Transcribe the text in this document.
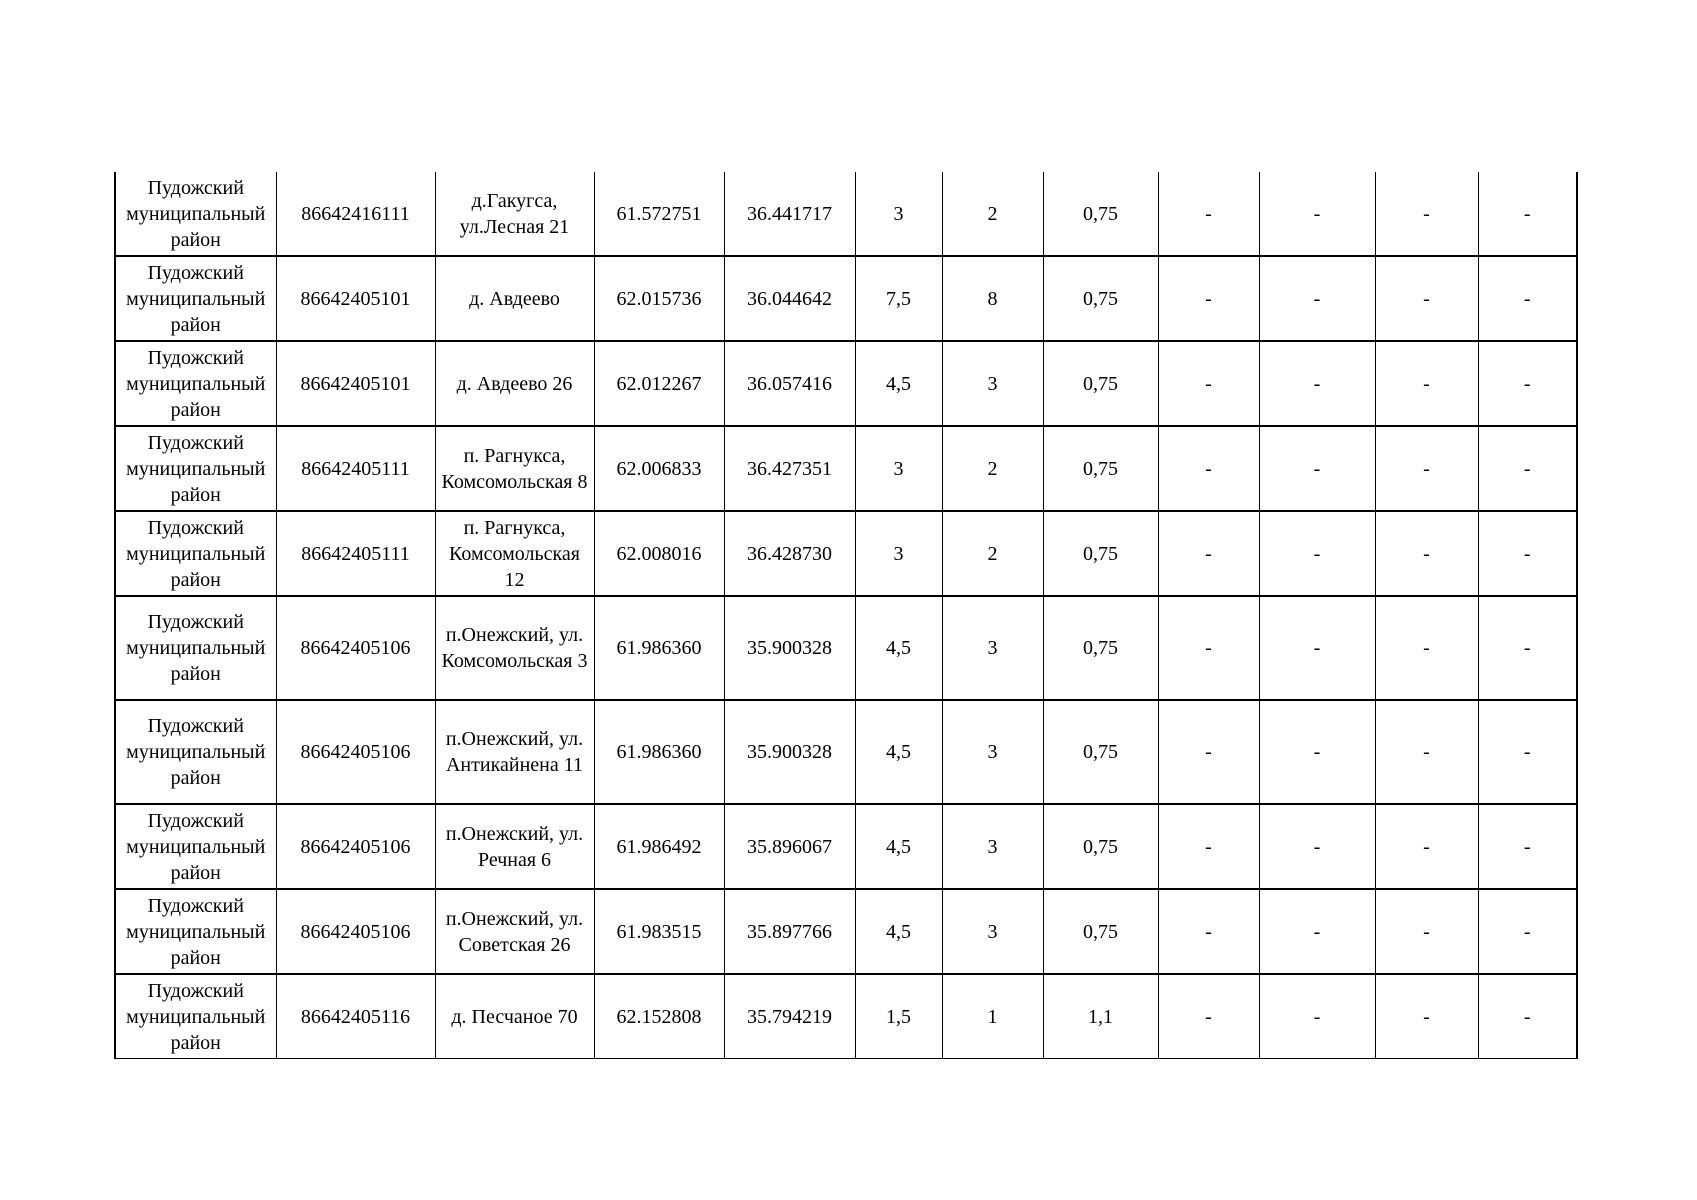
Пудожский муниципальный район	86642416111	д.Гакугса, ул.Лесная 21	61.572751	36.441717	3	2	0,75	-	-	-	-
Пудожский муниципальный район	86642405101	д. Авдеево	62.015736	36.044642	7,5	8	0,75	-	-	-	-
Пудожский муниципальный район	86642405101	д. Авдеево 26	62.012267	36.057416	4,5	3	0,75	-	-	-	-
Пудожский муниципальный район	86642405111	п. Рагнукса, Комсомольская 8	62.006833	36.427351	3	2	0,75	-	-	-	-
Пудожский муниципальный район	86642405111	п. Рагнукса, Комсомольская 12	62.008016	36.428730	3	2	0,75	-	-	-	-
Пудожский муниципальный район	86642405106	п.Онежский, ул. Комсомольская 3	61.986360	35.900328	4,5	3	0,75	-	-	-	-
Пудожский муниципальный район	86642405106	п.Онежский, ул. Антикайнена 11	61.986360	35.900328	4,5	3	0,75	-	-	-	-
Пудожский муниципальный район	86642405106	п.Онежский, ул. Речная 6	61.986492	35.896067	4,5	3	0,75	-	-	-	-
Пудожский муниципальный район	86642405106	п.Онежский, ул. Советская 26	61.983515	35.897766	4,5	3	0,75	-	-	-	-
Пудожский муниципальный район	86642405116	д. Песчаное 70	62.152808	35.794219	1,5	1	1,1	-	-	-	-
